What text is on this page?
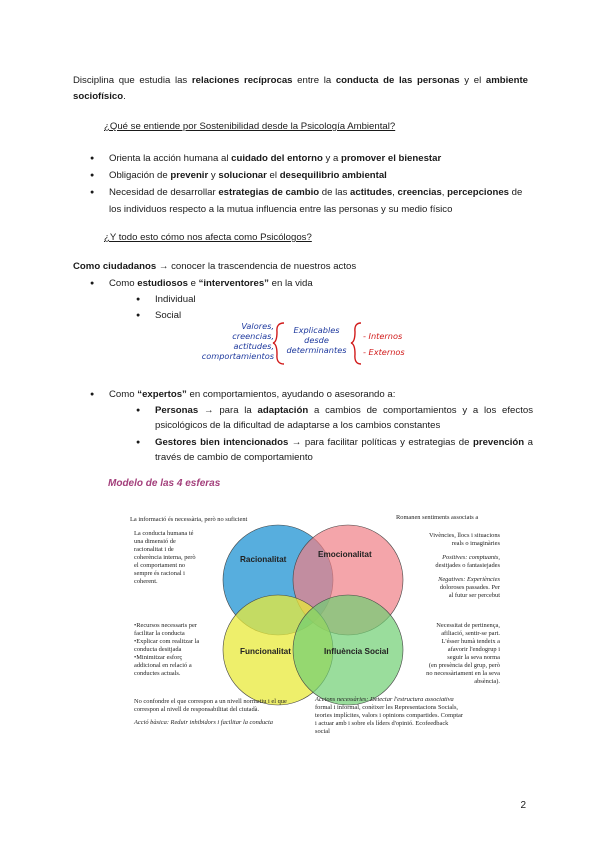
Disciplina que estudia las relaciones recíprocas entre la conducta de las personas y el ambiente sociofísico.
¿Qué se entiende por Sostenibilidad desde la Psicología Ambiental?
● Orienta la acción humana al cuidado del entorno y a promover el bienestar
● Obligación de prevenir y solucionar el desequilibrio ambiental
● Necesidad de desarrollar estrategias de cambio de las actitudes, creencias, percepciones de los individuos respecto a la mutua influencia entre las personas y su medio físico
¿Y todo esto cómo nos afecta como Psicólogos?
Como ciudadanos → conocer la trascendencia de nuestros actos
● Como estudiosos e “interventores” en la vida
● Individual
● Social
Valores,
creencias,
actitudes,
comportamientos
Explicables
desde
determinantes
- Internos
- Externos
● Como “expertos” en comportamientos, ayudando o asesorando a:
● Personas → para la adaptación a cambios de comportamientos y a los efectos psicológicos de la dificultad de adaptarse a los cambios constantes
● Gestores bien intencionados → para facilitar políticas y estrategias de prevención a través de cambio de comportamiento
Modelo de las 4 esferas
Racionalitat
Emocionalitat
Funcionalitat	Influència Social
La informació és necessària, però no suficient
La conducta humana té
una dimensió de
racionalitat i de
coherència interna, però
el comportament no
sempre és racional i
coherent.
Romanen sentiments associats a
Vivències, llocs i situacions
reals o imaginàries
Positives: comptuants,
desitjades o fantasiejades
Negatives: Experiències
doloroses passades. Per
al futur ser percebut
•Recursos necessaris per
facilitar la conducta
•Explicar com realitzar la
conducta desitjada
•Minimitzar esforç
addicional en relació a
conductes actuals.
Necessitat de pertinença,
afiliació, sentir-se part.
L'ésser humà tendeix a
afavorir l'endogrup i
seguir la seva norma
(en presència del grup, però
no necessàriament en la seva
absència).
No confondre el que correspon a un nivell normatiu i el que
correspon al nivell de responsabilitat del ciutadà.
Acció bàsica: Reduir inhibidors i facilitar la conducta
Accions necessàries: Detectar l'estructura associativa
formal i informal, conèixer les Representacions Socials,
teories implícites, valors i opinions compartides. Comptar
i actuar amb i sobre els líders d'opinió. Ecofeedback
social
2
